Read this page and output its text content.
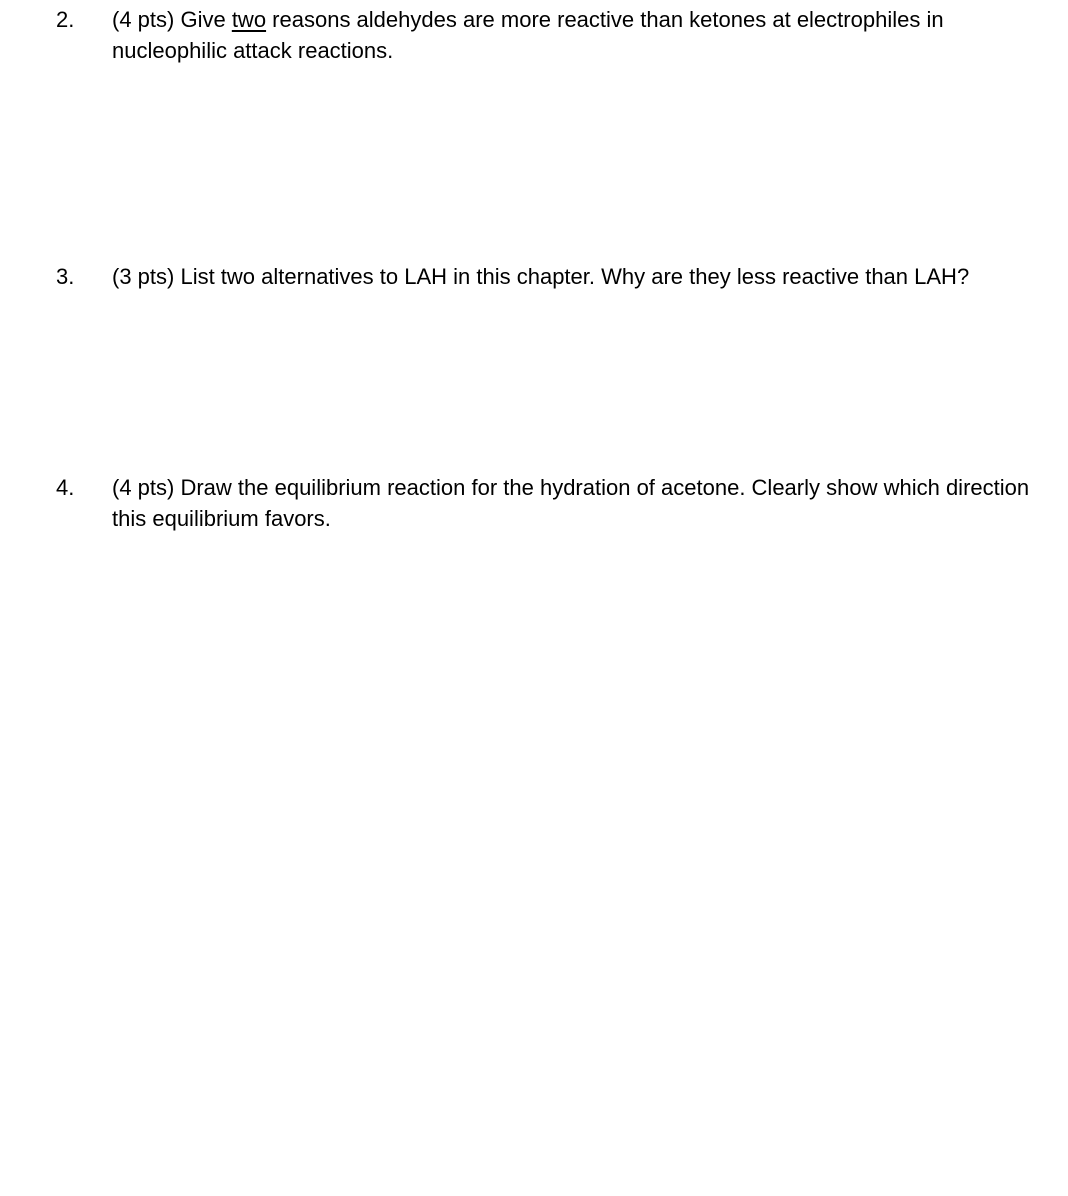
2. (4 pts) Give two reasons aldehydes are more reactive than ketones at electrophiles in nucleophilic attack reactions.
3. (3 pts) List two alternatives to LAH in this chapter. Why are they less reactive than LAH?
4. (4 pts) Draw the equilibrium reaction for the hydration of acetone. Clearly show which direction this equilibrium favors.
